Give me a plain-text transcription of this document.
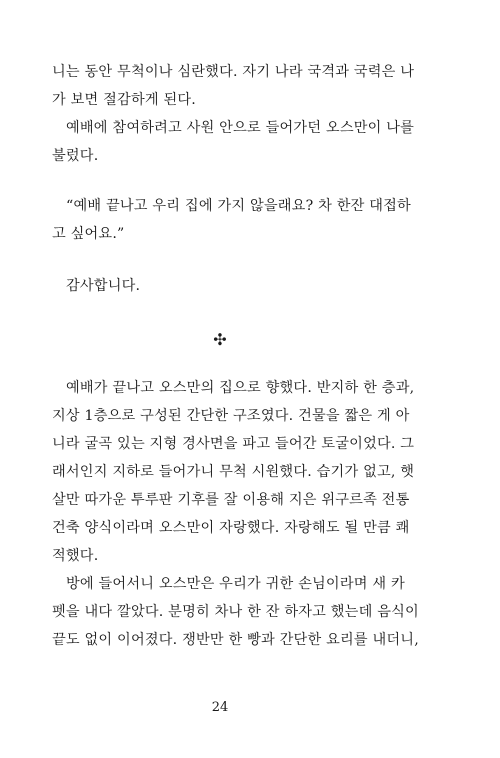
니는 동안 무척이나 심란했다. 자기 나라 국격과 국력은 나
가 보면 절감하게 된다.
예배에 참여하려고 사원 안으로 들어가던 오스만이 나를
불렀다.
“예배 끝나고 우리 집에 가지 않을래요? 차 한잔 대접하
고 싶어요.”
감사합니다.
✣
예배가 끝나고 오스만의 집으로 향했다. 반지하 한 층과,
지상 1층으로 구성된 간단한 구조였다. 건물을 짧은 게 아
니라 굴곡 있는 지형 경사면을 파고 들어간 토굴이었다. 그
래서인지 지하로 들어가니 무척 시원했다. 습기가 없고, 햇
살만 따가운 투루판 기후를 잘 이용해 지은 위구르족 전통
건축 양식이라며 오스만이 자랑했다. 자랑해도 될 만큼 쾌
적했다.
방에 들어서니 오스만은 우리가 귀한 손님이라며 새 카
펫을 내다 깔았다. 분명히 차나 한 잔 하자고 했는데 음식이
끝도 없이 이어졌다. 쟁반만 한 빵과 간단한 요리를 내더니,
24
